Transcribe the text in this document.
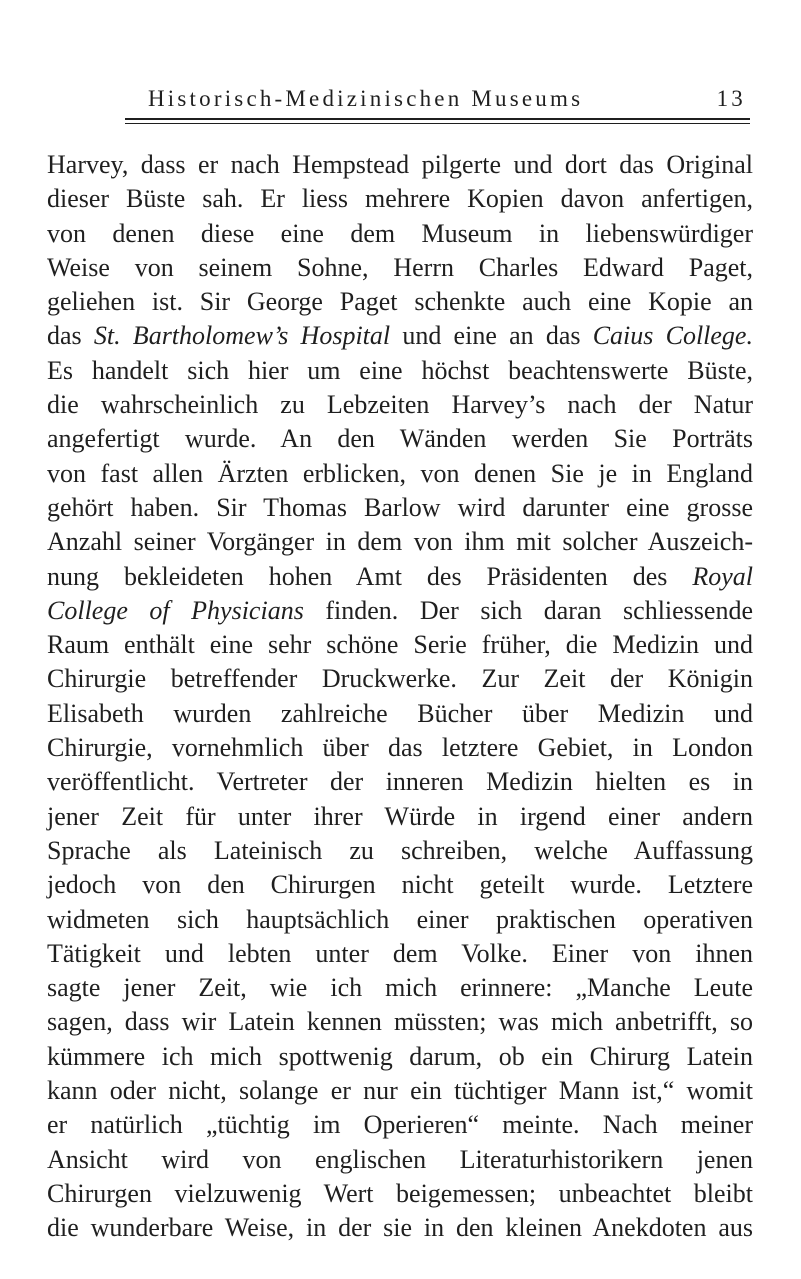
Historisch-Medizinischen Museums	13
Harvey, dass er nach Hempstead pilgerte und dort das Original
dieser Büste sah. Er liess mehrere Kopien davon anfertigen,
von denen diese eine dem Museum in liebenswürdiger
Weise von seinem Sohne, Herrn Charles Edward Paget,
geliehen ist. Sir George Paget schenkte auch eine Kopie an
das St. Bartholomew’s Hospital und eine an das Caius College.
Es handelt sich hier um eine höchst beachtenswerte Büste,
die wahrscheinlich zu Lebzeiten Harvey’s nach der Natur
angefertigt wurde. An den Wänden werden Sie Porträts
von fast allen Ärzten erblicken, von denen Sie je in England
gehört haben. Sir Thomas Barlow wird darunter eine grosse
Anzahl seiner Vorgänger in dem von ihm mit solcher Auszeich-
nung bekleideten hohen Amt des Präsidenten des Royal
College of Physicians finden. Der sich daran schliessende
Raum enthält eine sehr schöne Serie früher, die Medizin und
Chirurgie betreffender Druckwerke. Zur Zeit der Königin
Elisabeth wurden zahlreiche Bücher über Medizin und
Chirurgie, vornehmlich über das letztere Gebiet, in London
veröffentlicht. Vertreter der inneren Medizin hielten es in
jener Zeit für unter ihrer Würde in irgend einer andern
Sprache als Lateinisch zu schreiben, welche Auffassung
jedoch von den Chirurgen nicht geteilt wurde. Letztere
widmeten sich hauptsächlich einer praktischen operativen
Tätigkeit und lebten unter dem Volke. Einer von ihnen
sagte jener Zeit, wie ich mich erinnere: „Manche Leute
sagen, dass wir Latein kennen müssten; was mich anbetrifft, so
kümmere ich mich spottwenig darum, ob ein Chirurg Latein
kann oder nicht, solange er nur ein tüchtiger Mann ist,“ womit
er natürlich „tüchtig im Operieren“ meinte. Nach meiner
Ansicht wird von englischen Literaturhistorikern jenen
Chirurgen vielzuwenig Wert beigemessen; unbeachtet bleibt
die wunderbare Weise, in der sie in den kleinen Anekdoten aus
